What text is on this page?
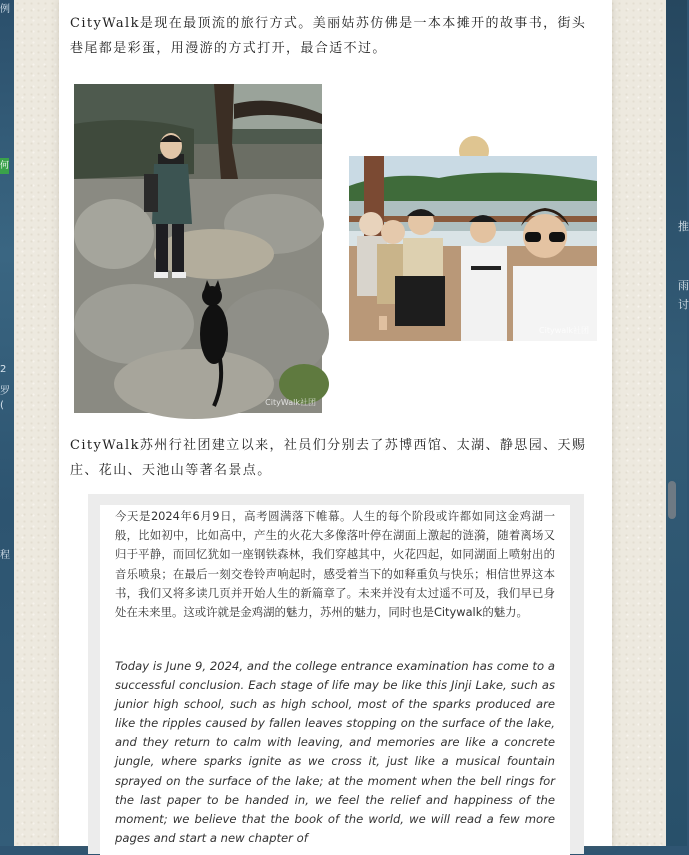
例
何
2
罗
(
程

CityWalk是现在最顶流的旅行方式。美丽姑苏仿佛是一本本摊开的故事书，街头巷尾都是彩蛋，用漫游的方式打开，最合适不过。

CityWalk社团
Citywalk社团

CityWalk苏州行社团建立以来，社员们分别去了苏博西馆、太湖、静思园、天赐庄、花山、天池山等著名景点。

今天是2024年6月9日，高考圆满落下帷幕。人生的每个阶段或许都如同这金鸡湖一般，比如初中，比如高中，产生的火花大多像落叶停在湖面上激起的涟漪，随着离场又归于平静，而回忆犹如一座钢铁森林，我们穿越其中，火花四起，如同湖面上喷射出的音乐喷泉；在最后一刻交卷铃声响起时，感受着当下的如释重负与快乐；相信世界这本书，我们又将多读几页并开始人生的新篇章了。未来并没有太过遥不可及，我们早已身处在未来里。这或许就是金鸡湖的魅力，苏州的魅力，同时也是Citywalk的魅力。

Today is June 9, 2024, and the college entrance examination has come to a successful conclusion. Each stage of life may be like this Jinji Lake, such as junior high school, such as high school, most of the sparks produced are like the ripples caused by fallen leaves stopping on the surface of the lake, and they return to calm with leaving, and memories are like a concrete jungle, where sparks ignite as we cross it, just like a musical fountain sprayed on the surface of the lake; at the moment when the bell rings for the last paper to be handed in, we feel the relief and happiness of the moment; we believe that the book of the world, we will read a few more pages and start a new chapter of

推
雨
讨
